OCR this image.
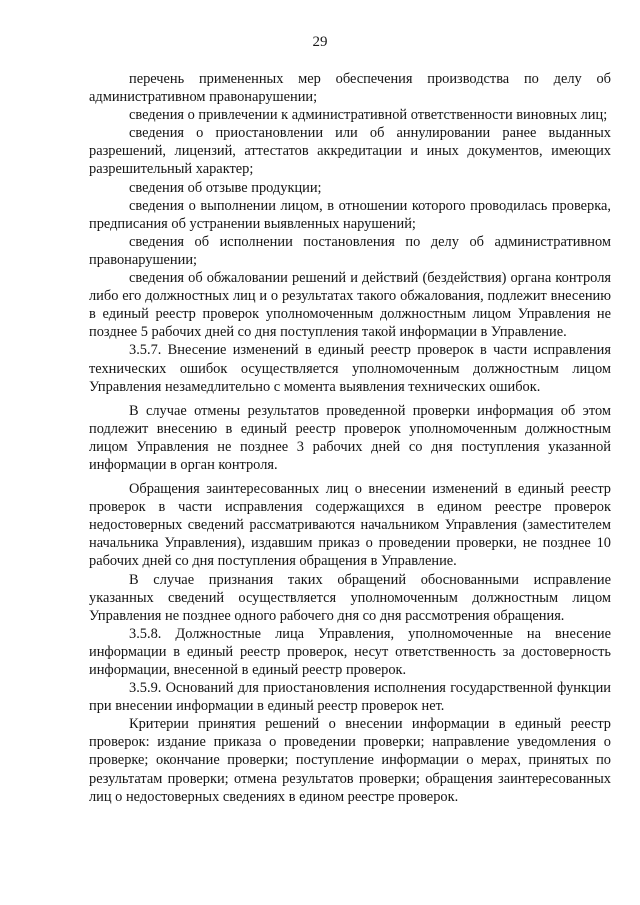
29

перечень примененных мер обеспечения производства по делу об административном правонарушении;

сведения о привлечении к административной ответственности виновных лиц;

сведения о приостановлении или об аннулировании ранее выданных разрешений, лицензий, аттестатов аккредитации и иных документов, имеющих разрешительный характер;

сведения об отзыве продукции;

сведения о выполнении лицом, в отношении которого проводилась проверка, предписания об устранении выявленных нарушений;

сведения об исполнении постановления по делу об административном правонарушении;

сведения об обжаловании решений и действий (бездействия) органа контроля либо его должностных лиц и о результатах такого обжалования, подлежит внесению в единый реестр проверок уполномоченным должностным лицом Управления не позднее 5 рабочих дней со дня поступления такой информации в Управление.

3.5.7. Внесение изменений в единый реестр проверок в части исправления технических ошибок осуществляется уполномоченным должностным лицом Управления незамедлительно с момента выявления технических ошибок.

В случае отмены результатов проведенной проверки информация об этом подлежит внесению в единый реестр проверок уполномоченным должностным лицом Управления не позднее 3 рабочих дней со дня поступления указанной информации в орган контроля.

Обращения заинтересованных лиц о внесении изменений в единый реестр проверок в части исправления содержащихся в едином реестре проверок недостоверных сведений рассматриваются начальником Управления (заместителем начальника Управления), издавшим приказ о проведении проверки, не позднее 10 рабочих дней со дня поступления обращения в Управление.

В случае признания таких обращений обоснованными исправление указанных сведений осуществляется уполномоченным должностным лицом Управления не позднее одного рабочего дня со дня рассмотрения обращения.

3.5.8. Должностные лица Управления, уполномоченные на внесение информации в единый реестр проверок, несут ответственность за достоверность информации, внесенной в единый реестр проверок.

3.5.9. Оснований для приостановления исполнения государственной функции при внесении информации в единый реестр проверок нет.

Критерии принятия решений о внесении информации в единый реестр проверок: издание приказа о проведении проверки; направление уведомления о проверке; окончание проверки; поступление информации о мерах, принятых по результатам проверки; отмена результатов проверки; обращения заинтересованных лиц о недостоверных сведениях в едином реестре проверок.
